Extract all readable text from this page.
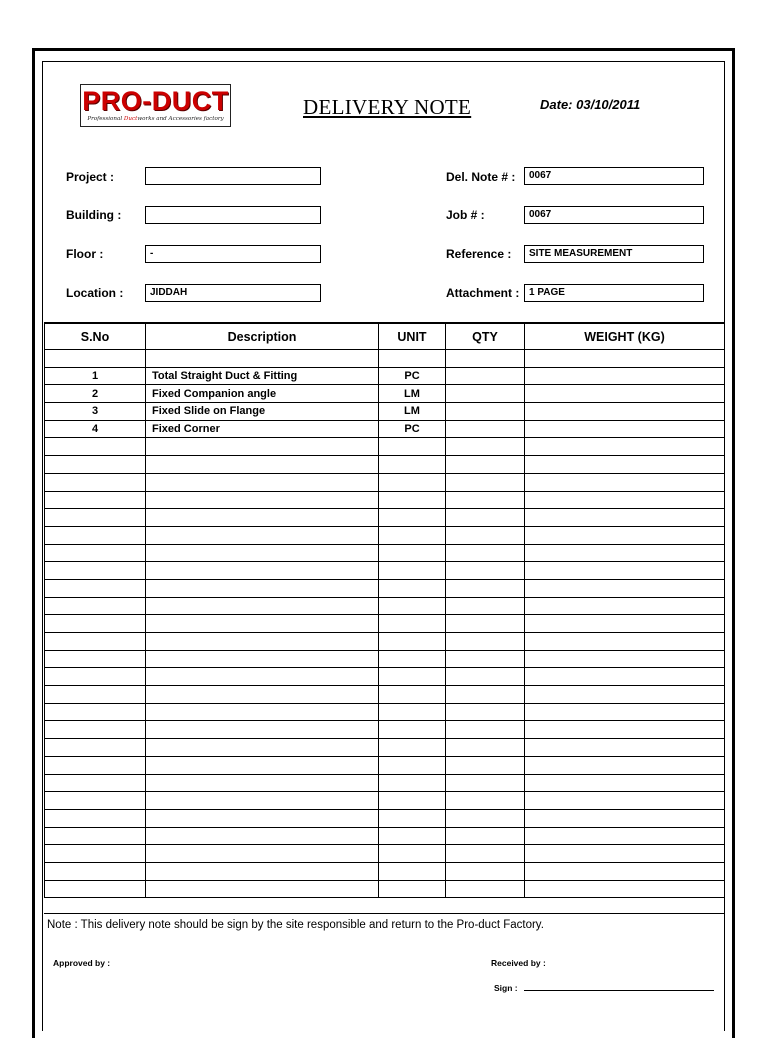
PRO-DUCT
Professional Ductworks and Accessories factory	DELIVERY NOTE	Date: 03/10/2011
Project :
Building :
Floor :	-
Location :	JIDDAH
Del. Note # :	0067
Job # :	0067
Reference :	SITE MEASUREMENT
Attachment : 1 PAGE
S.No	Description	UNIT	QTY	WEIGHT (KG)

1	Total Straight Duct & Fitting	PC		
2	Fixed Companion angle	LM		
3	Fixed Slide on Flange	LM		
4	Fixed Corner	PC		

Note : This delivery note should be sign by the site responsible and return to the Pro-duct Factory.
Approved by :	Received by :
Sign :
